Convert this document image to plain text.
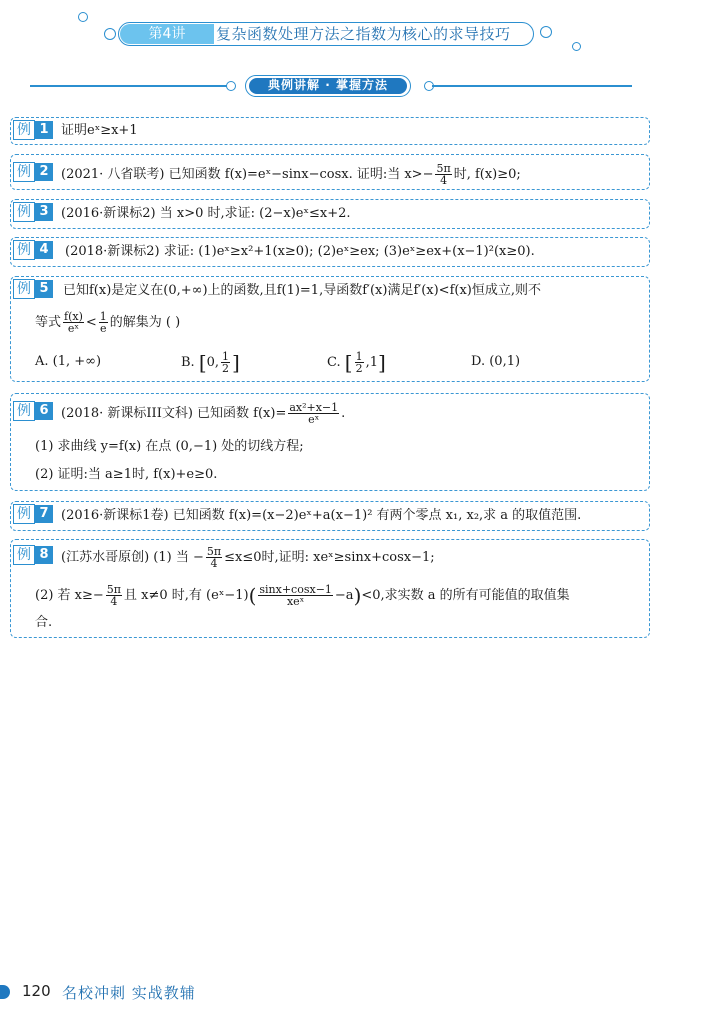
第4讲	复杂函数处理方法之指数为核心的求导技巧
典例讲解 · 掌握方法
例 1 证明eˣ≥x+1
例 2 (2021· 八省联考) 已知函数 f(x)=eˣ−sinx−cosx. 证明:当 $x>- \frac{5\pi}{4}$ 时, f(x)≥0;
例 3 (2016·新课标2) 当 x>0 时,求证: (2−x)eˣ≤x+2.
例 4	(2018·新课标2) 求证: (1)eˣ≥x²+1(x≥0); (2)eˣ≥ex; (3)eˣ≥ex+(x−1)²(x≥0).
例 5	已知f(x)是定义在(0,+∞)上的函数,且f(1)=1,导函数f′(x)满足f′(x)<f(x)恒成立,则不
等式 $\frac{f(x)}{\text{eˣ}} < \frac{1}{e}$ 的解集为 ( )
A. (1, +∞)	B. [0, $\frac{1}{2}$ ]	C. [ $\frac{1}{2} ,1$]	D. (0,1)
例 6 (2018· 新课标III文科) 已知函数 $f(x)= \frac{\text{ax²+x−1}}{\text{eˣ}}$ .
(1) 求曲线 y=f(x) 在点 (0,−1) 处的切线方程;
(2) 证明:当 a≥1时, f(x)+e≥0.
例 7 (2016·新课标1卷) 已知函数 f(x)=(x−2)eˣ+a(x−1)² 有两个零点 x₁, x₂,求 a 的取值范围.
例 8 (江苏水哥原创) (1) 当 − $\frac{5\pi}{4} \le x\le 0$时,证明: xeˣ≥sinx+cosx−1;
(2) 若 $x\ge- \frac{5\pi}{4}$ 且 x≠0 时,有 (eˣ−1)( $\frac{\sin x+\cos x-1}{\text{xeˣ}} -a)<0$,求实数 a 的所有可能值的取值集
合.
120 名校冲刺 实战教辅
